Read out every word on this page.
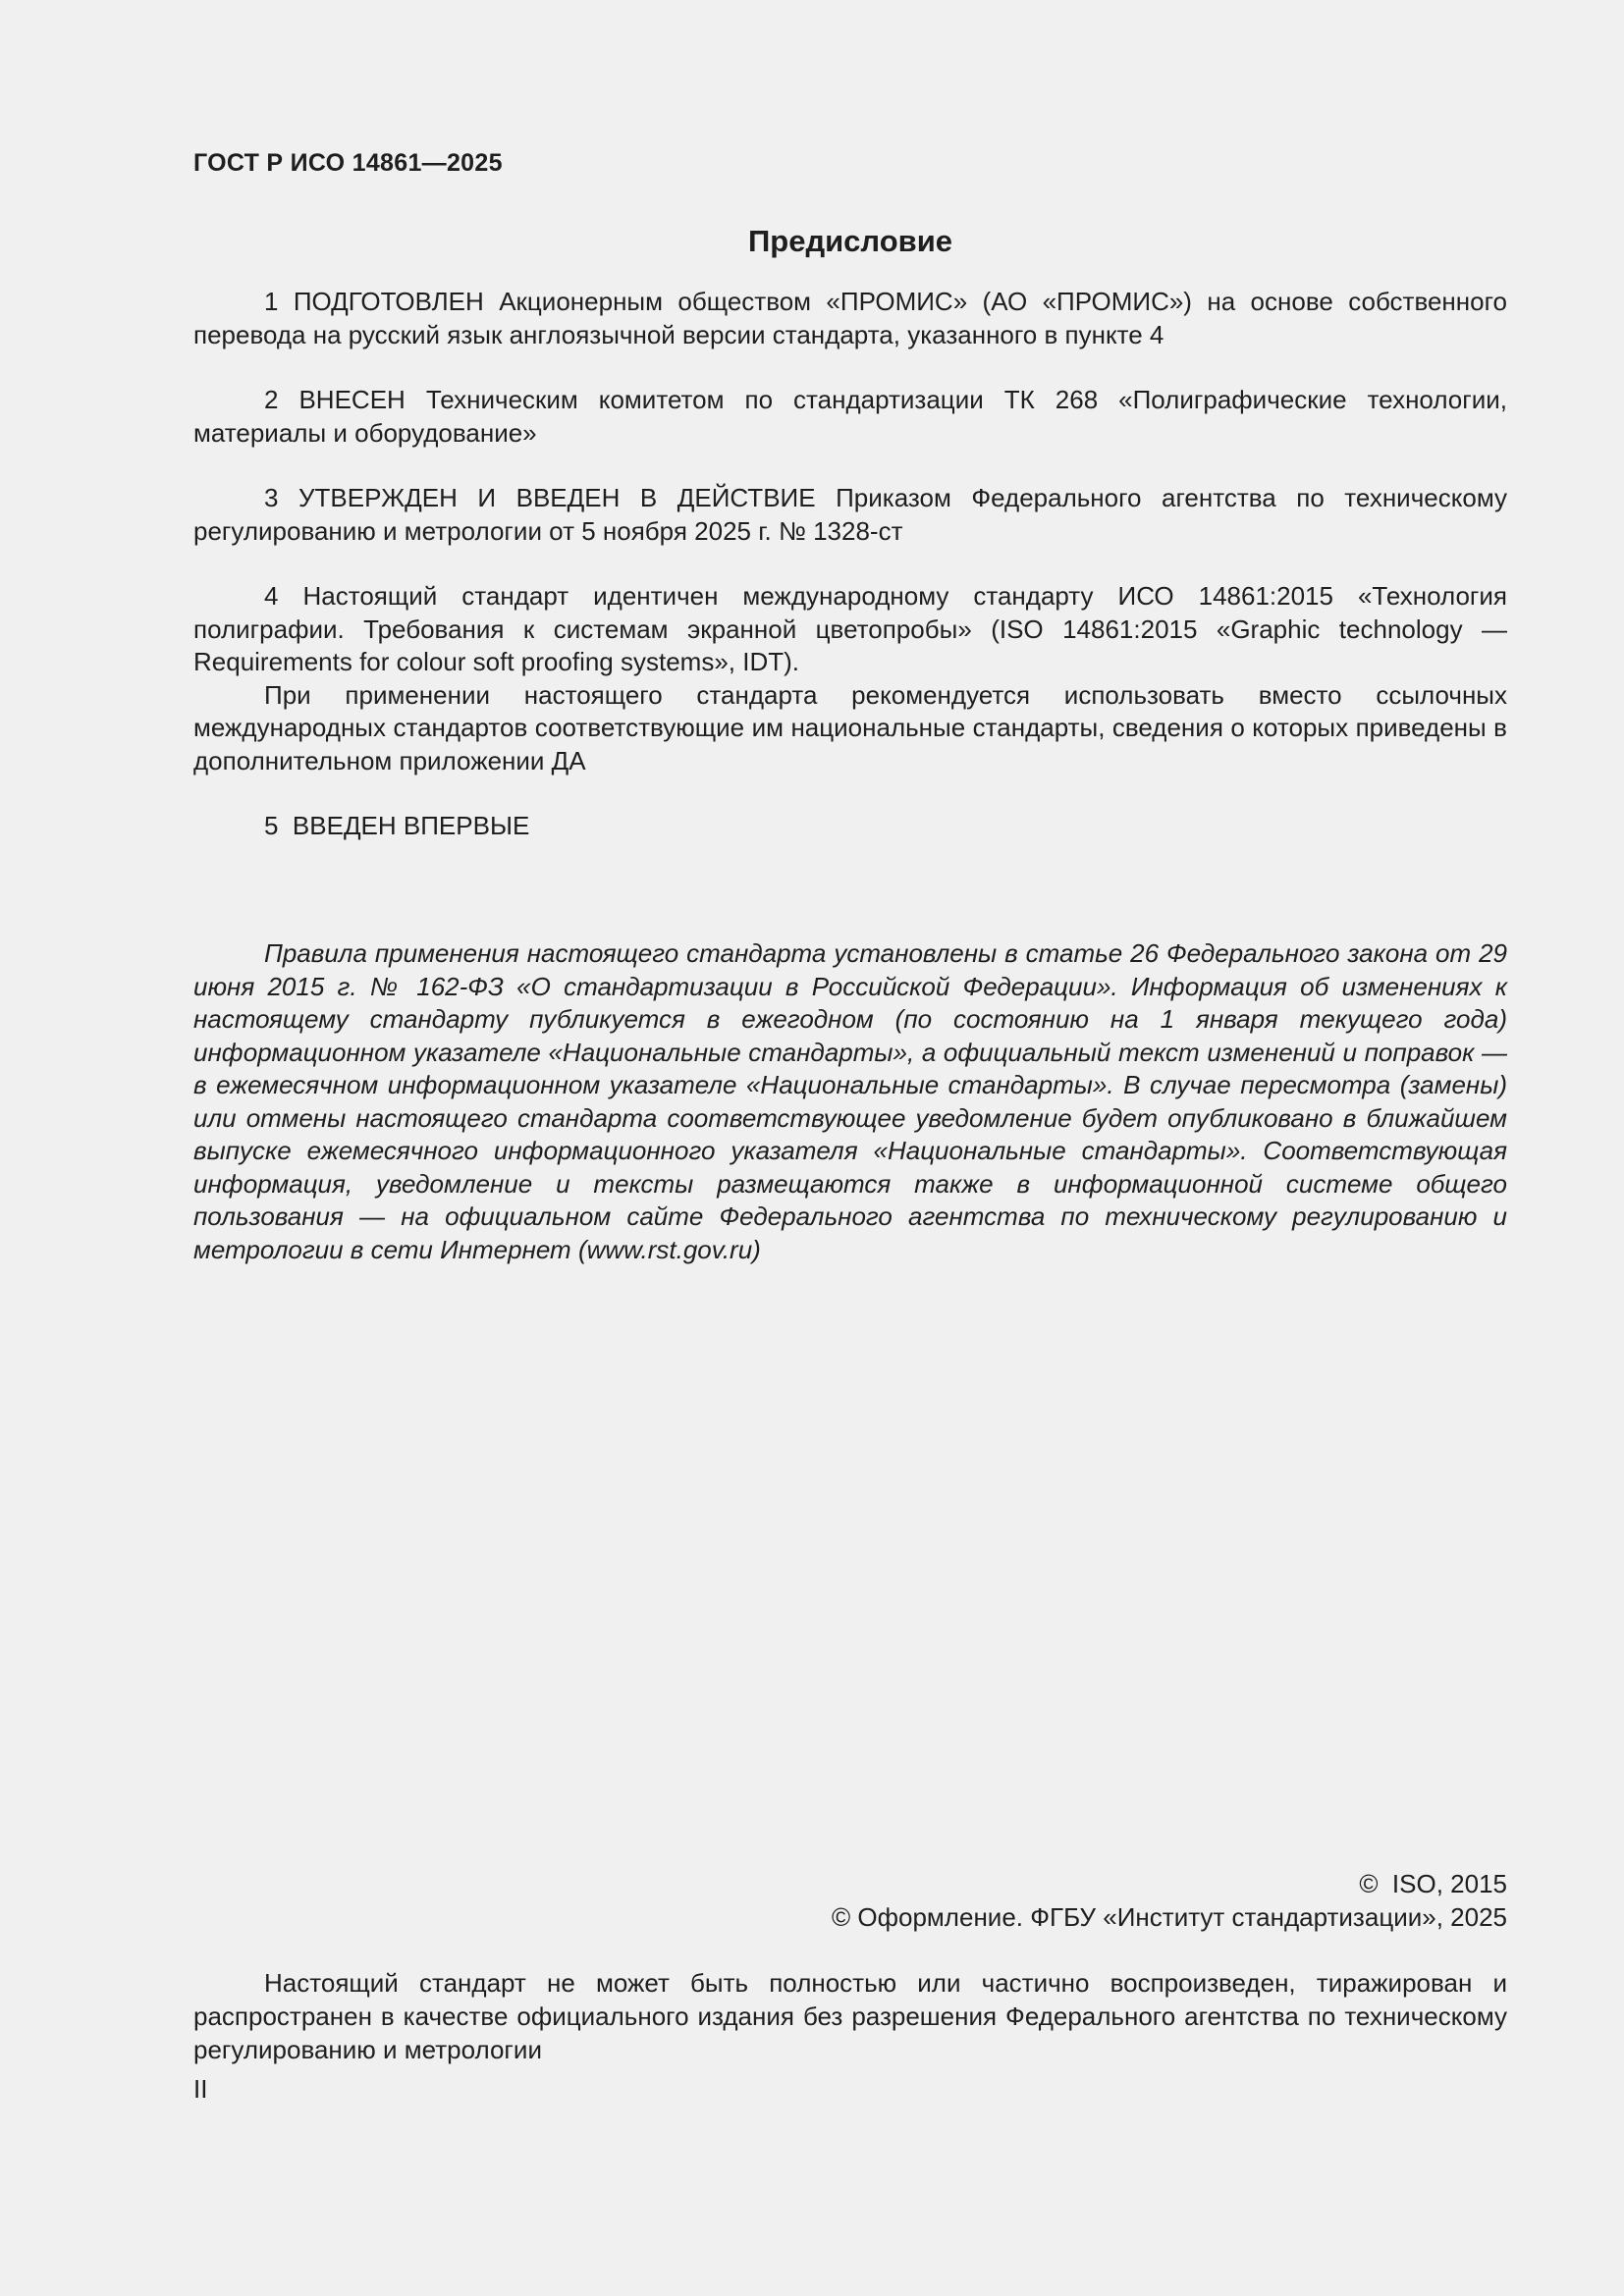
ГОСТ Р ИСО 14861—2025
Предисловие

1 ПОДГОТОВЛЕН Акционерным обществом «ПРОМИС» (АО «ПРОМИС») на основе собственного перевода на русский язык англоязычной версии стандарта, указанного в пункте 4

2 ВНЕСЕН Техническим комитетом по стандартизации ТК 268 «Полиграфические технологии, материалы и оборудование»

3 УТВЕРЖДЕН И ВВЕДЕН В ДЕЙСТВИЕ Приказом Федерального агентства по техническому регулированию и метрологии от 5 ноября 2025 г. № 1328-ст

4 Настоящий стандарт идентичен международному стандарту ИСО 14861:2015 «Технология полиграфии. Требования к системам экранной цветопробы» (ISO 14861:2015 «Graphic technology — Requirements for colour soft proofing systems», IDT).

При применении настоящего стандарта рекомендуется использовать вместо ссылочных международных стандартов соответствующие им национальные стандарты, сведения о которых приведены в дополнительном приложении ДА

5  ВВЕДЕН ВПЕРВЫЕ

Правила применения настоящего стандарта установлены в статье 26 Федерального закона от 29 июня 2015 г. № 162-ФЗ «О стандартизации в Российской Федерации». Информация об изменениях к настоящему стандарту публикуется в ежегодном (по состоянию на 1 января текущего года) информационном указателе «Национальные стандарты», а официальный текст изменений и поправок — в ежемесячном информационном указателе «Национальные стандарты». В случае пересмотра (замены) или отмены настоящего стандарта соответствующее уведомление будет опубликовано в ближайшем выпуске ежемесячного информационного указателя «Национальные стандарты». Соответствующая информация, уведомление и тексты размещаются также в информационной системе общего пользования — на официальном сайте Федерального агентства по техническому регулированию и метрологии в сети Интернет (www.rst.gov.ru)

©  ISO, 2015
© Оформление. ФГБУ «Институт стандартизации», 2025

Настоящий стандарт не может быть полностью или частично воспроизведен, тиражирован и распространен в качестве официального издания без разрешения Федерального агентства по техническому регулированию и метрологии

II
